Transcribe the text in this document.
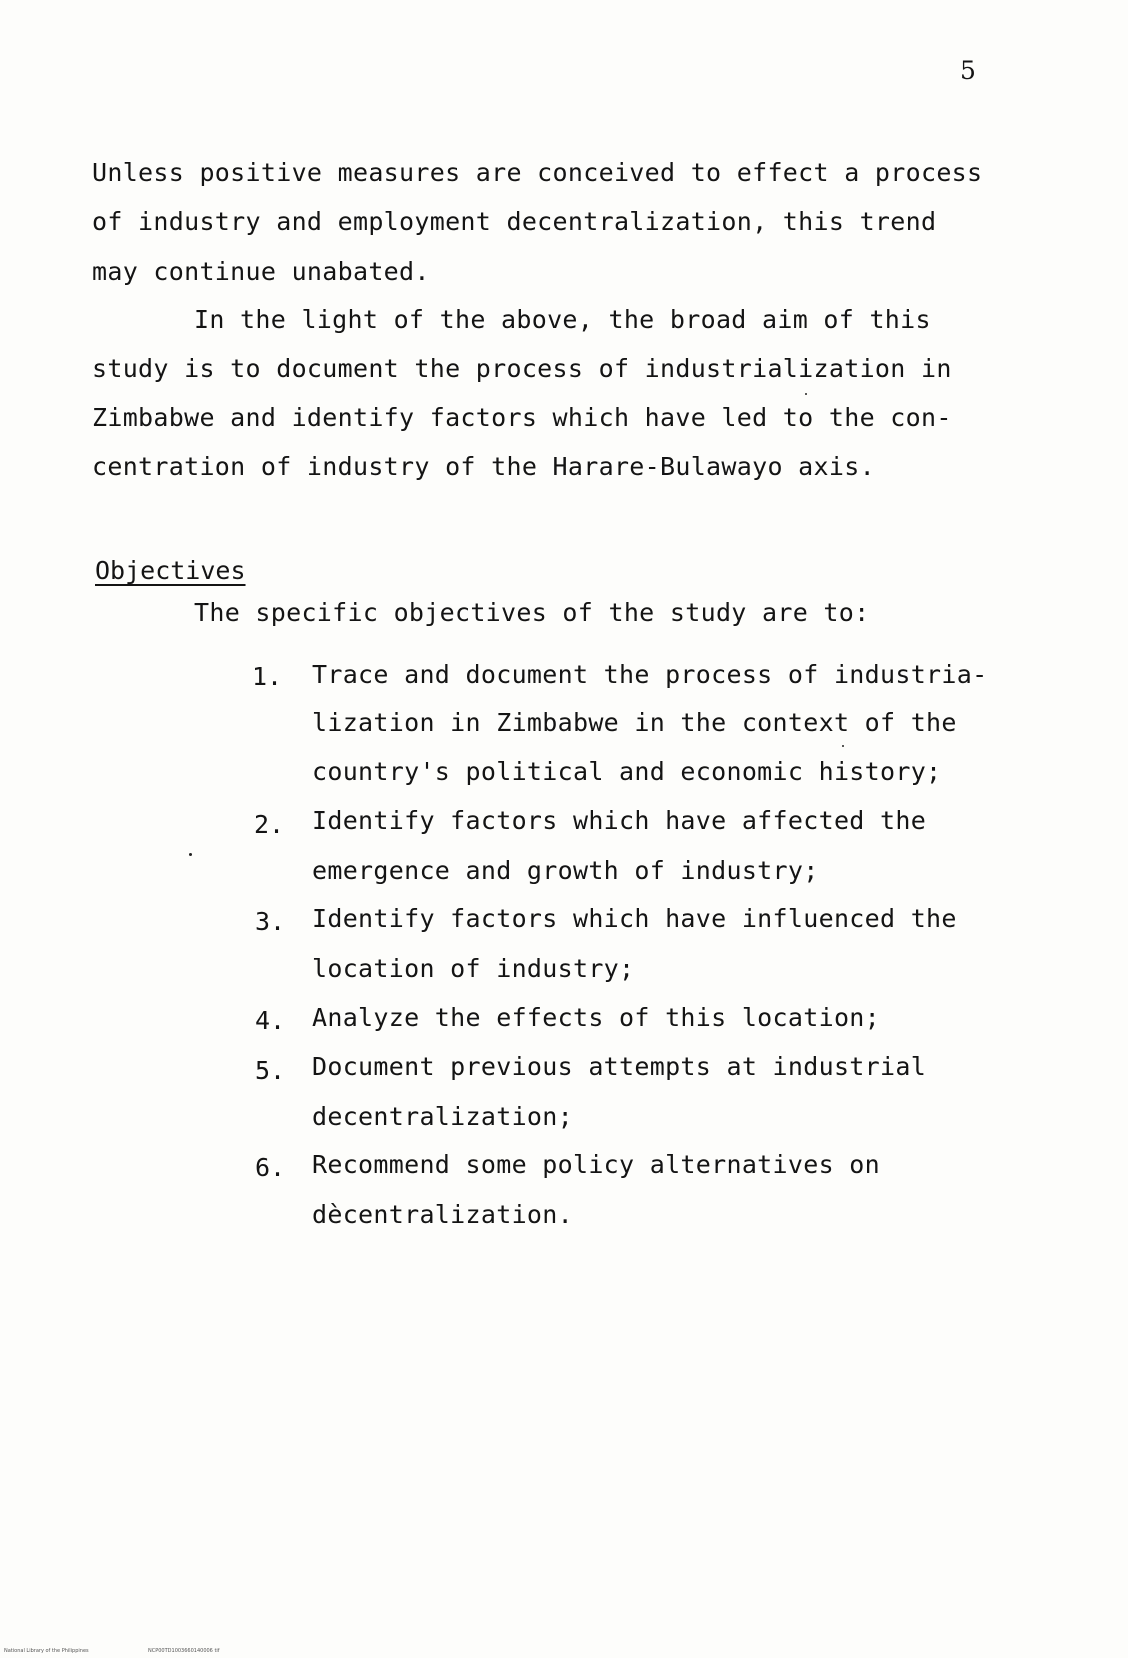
5
Unless positive measures are conceived to effect a process
of industry and employment decentralization, this trend
may continue unabated.
In the light of the above, the broad aim of this
study is to document the process of industrialization in
Zimbabwe and identify factors which have led to the con-
centration of industry of the Harare-Bulawayo axis.
Objectives
The specific objectives of the study are to:
1. Trace and document the process of industria-
lization in Zimbabwe in the context of the
country's political and economic history;
2. Identify factors which have affected the
emergence and growth of industry;
3. Identify factors which have influenced the
location of industry;
4. Analyze the effects of this location;
5. Document previous attempts at industrial
decentralization;
6. Recommend some policy alternatives on
dècentralization.
National Library of the Philippines	NCP00TD1003660140006 tif
